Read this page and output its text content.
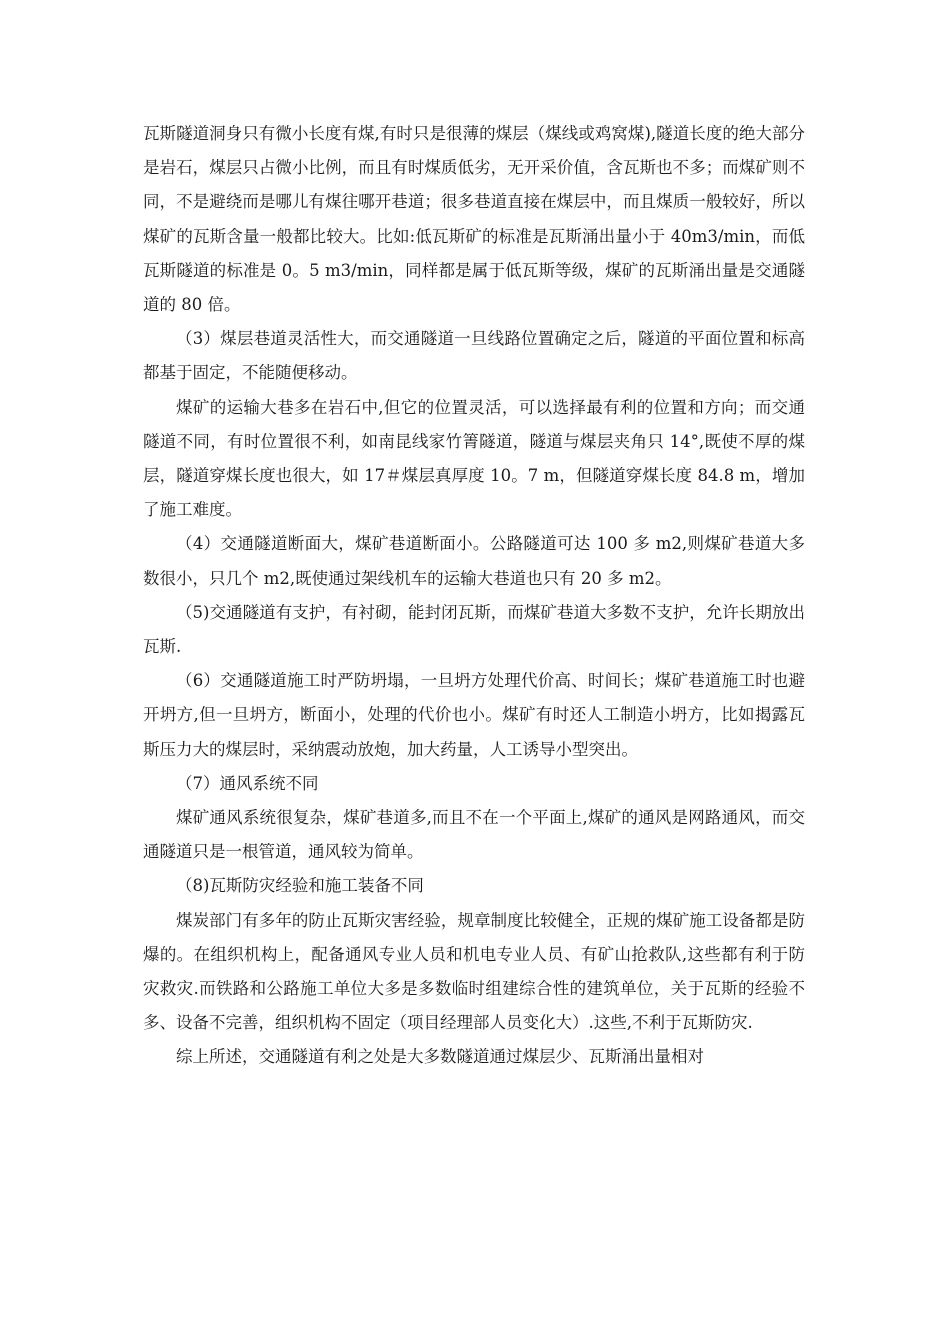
瓦斯隧道洞身只有微小长度有煤,有时只是很薄的煤层（煤线或鸡窝煤),隧道长度的绝大部分是岩石，煤层只占微小比例，而且有时煤质低劣，无开采价值，含瓦斯也不多；而煤矿则不同，不是避绕而是哪儿有煤往哪开巷道；很多巷道直接在煤层中，而且煤质一般较好，所以煤矿的瓦斯含量一般都比较大。比如:低瓦斯矿的标准是瓦斯涌出量小于 40m3/min，而低瓦斯隧道的标准是 0。5 m3/min，同样都是属于低瓦斯等级，煤矿的瓦斯涌出量是交通隧道的 80 倍。

（3）煤层巷道灵活性大，而交通隧道一旦线路位置确定之后，隧道的平面位置和标高都基于固定，不能随便移动。

煤矿的运输大巷多在岩石中,但它的位置灵活，可以选择最有利的位置和方向；而交通隧道不同，有时位置很不利，如南昆线家竹箐隧道，隧道与煤层夹角只 14°,既使不厚的煤层，隧道穿煤长度也很大，如 17＃煤层真厚度 10。7 m，但隧道穿煤长度 84.8 m，增加了施工难度。

（4）交通隧道断面大，煤矿巷道断面小。公路隧道可达 100 多 m2,则煤矿巷道大多数很小，只几个 m2,既使通过架线机车的运输大巷道也只有 20 多 m2。

（5)交通隧道有支护，有衬砌，能封闭瓦斯，而煤矿巷道大多数不支护，允许长期放出瓦斯.

（6）交通隧道施工时严防坍塌，一旦坍方处理代价高、时间长；煤矿巷道施工时也避开坍方,但一旦坍方，断面小，处理的代价也小。煤矿有时还人工制造小坍方，比如揭露瓦斯压力大的煤层时，采纳震动放炮，加大药量，人工诱导小型突出。

（7）通风系统不同

煤矿通风系统很复杂，煤矿巷道多,而且不在一个平面上,煤矿的通风是网路通风，而交通隧道只是一根管道，通风较为简单。

（8)瓦斯防灾经验和施工装备不同

煤炭部门有多年的防止瓦斯灾害经验，规章制度比较健全，正规的煤矿施工设备都是防爆的。在组织机构上，配备通风专业人员和机电专业人员、有矿山抢救队,这些都有利于防灾救灾.而铁路和公路施工单位大多是多数临时组建综合性的建筑单位，关于瓦斯的经验不多、设备不完善，组织机构不固定（项目经理部人员变化大）.这些,不利于瓦斯防灾.

综上所述，交通隧道有利之处是大多数隧道通过煤层少、瓦斯涌出量相对
